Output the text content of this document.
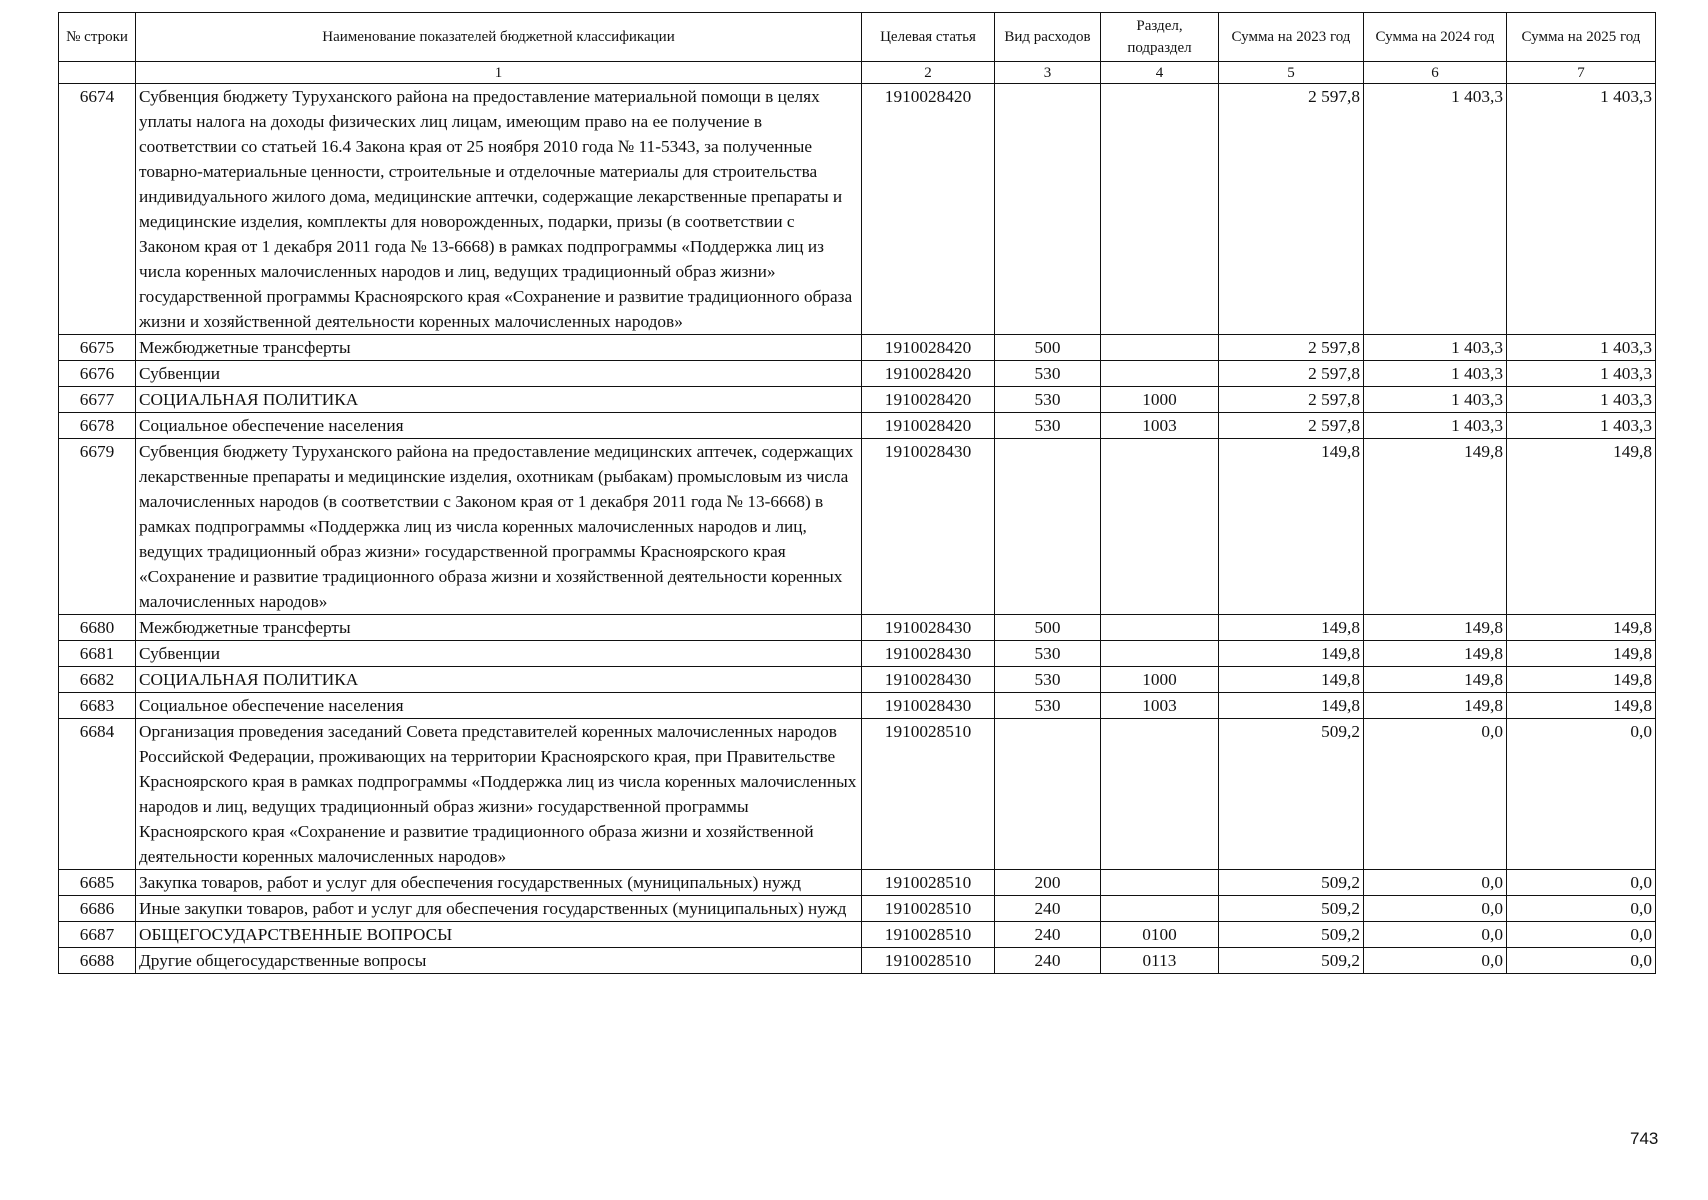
№ строки	Наименование показателей бюджетной классификации	Целевая статья	Вид расходов	Раздел, подраздел	Сумма на 2023 год	Сумма на 2024 год	Сумма на 2025 год
	1	2	3	4	5	6	7
6674	Субвенция бюджету Туруханского района на предоставление материальной помощи в целях уплаты налога на доходы физических лиц лицам, имеющим право на ее получение в соответствии со статьей 16.4 Закона края от 25 ноября 2010 года № 11-5343, за полученные товарно-материальные ценности, строительные и отделочные материалы для строительства индивидуального жилого дома, медицинские аптечки, содержащие лекарственные препараты и медицинские изделия, комплекты для новорожденных, подарки, призы (в соответствии с Законом края от 1 декабря 2011 года № 13-6668) в рамках подпрограммы «Поддержка лиц из числа коренных малочисленных народов и лиц, ведущих традиционный образ жизни» государственной программы Красноярского края «Сохранение и развитие традиционного образа жизни и хозяйственной деятельности коренных малочисленных народов»	1910028420			2 597,8	1 403,3	1 403,3
6675	Межбюджетные трансферты	1910028420	500		2 597,8	1 403,3	1 403,3
6676	Субвенции	1910028420	530		2 597,8	1 403,3	1 403,3
6677	СОЦИАЛЬНАЯ ПОЛИТИКА	1910028420	530	1000	2 597,8	1 403,3	1 403,3
6678	Социальное обеспечение населения	1910028420	530	1003	2 597,8	1 403,3	1 403,3
6679	Субвенция бюджету Туруханского района на предоставление медицинских аптечек, содержащих лекарственные препараты и медицинские изделия, охотникам (рыбакам) промысловым из числа малочисленных народов (в соответствии с Законом края от 1 декабря 2011 года № 13-6668) в рамках подпрограммы «Поддержка лиц из числа коренных малочисленных народов и лиц, ведущих традиционный образ жизни» государственной программы Красноярского края «Сохранение и развитие традиционного образа жизни и хозяйственной деятельности коренных малочисленных народов»	1910028430			149,8	149,8	149,8
6680	Межбюджетные трансферты	1910028430	500		149,8	149,8	149,8
6681	Субвенции	1910028430	530		149,8	149,8	149,8
6682	СОЦИАЛЬНАЯ ПОЛИТИКА	1910028430	530	1000	149,8	149,8	149,8
6683	Социальное обеспечение населения	1910028430	530	1003	149,8	149,8	149,8
6684	Организация проведения заседаний Совета представителей коренных малочисленных народов Российской Федерации, проживающих на территории Красноярского края, при Правительстве Красноярского края в рамках подпрограммы «Поддержка лиц из числа коренных малочисленных народов и лиц, ведущих традиционный образ жизни» государственной программы Красноярского края «Сохранение и развитие традиционного образа жизни и хозяйственной деятельности коренных малочисленных народов»	1910028510			509,2	0,0	0,0
6685	Закупка товаров, работ и услуг для обеспечения государственных (муниципальных) нужд	1910028510	200		509,2	0,0	0,0
6686	Иные закупки товаров, работ и услуг для обеспечения государственных (муниципальных) нужд	1910028510	240		509,2	0,0	0,0
6687	ОБЩЕГОСУДАРСТВЕННЫЕ ВОПРОСЫ	1910028510	240	0100	509,2	0,0	0,0
6688	Другие общегосударственные вопросы	1910028510	240	0113	509,2	0,0	0,0
743
